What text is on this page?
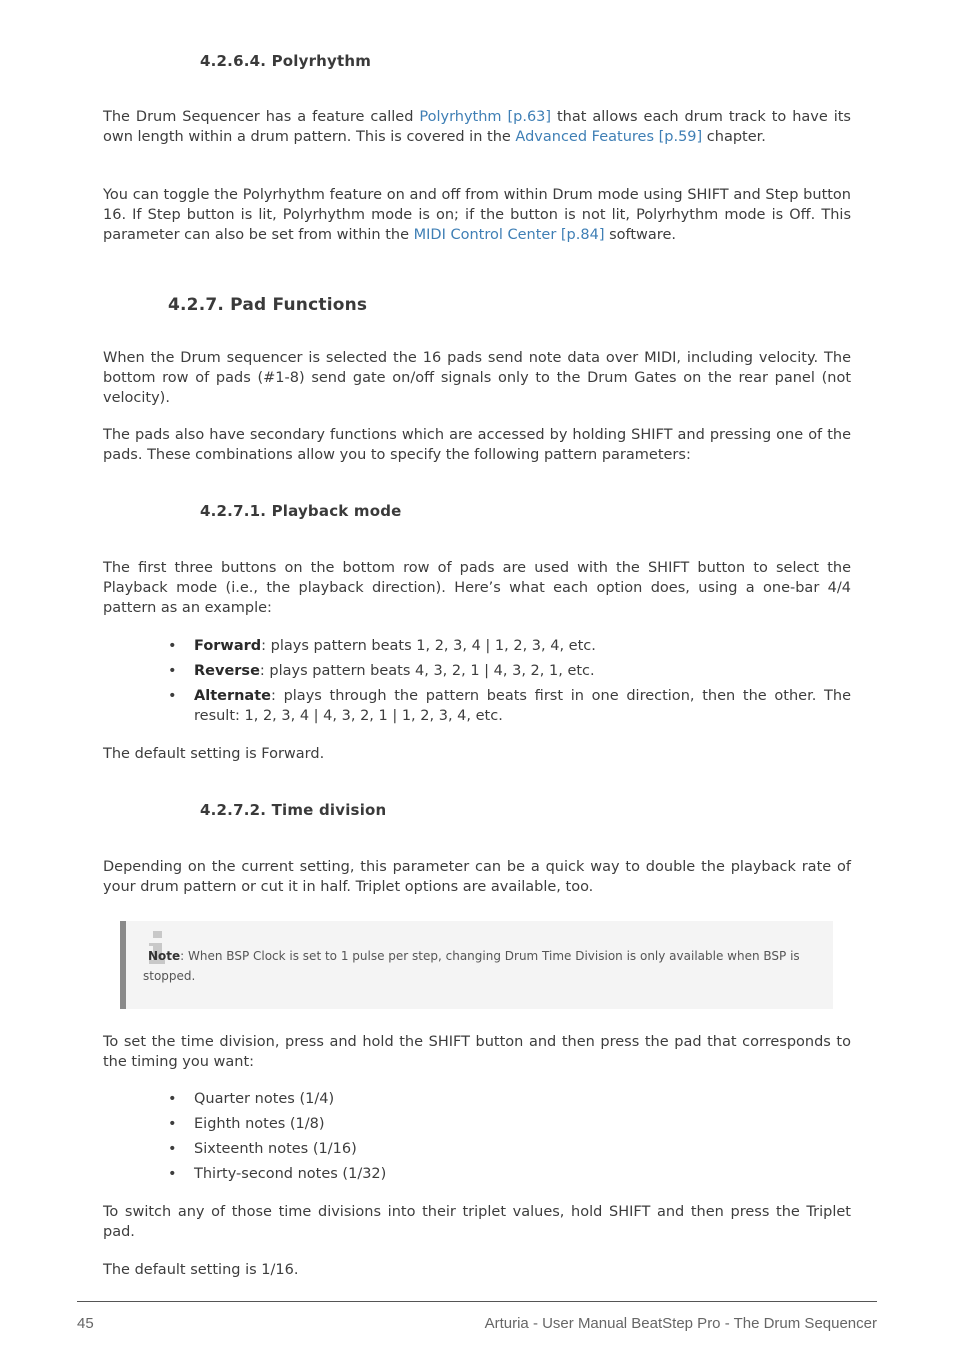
4.2.6.4. Polyrhythm
The Drum Sequencer has a feature called Polyrhythm [p.63] that allows each drum track to have its own length within a drum pattern. This is covered in the Advanced Features [p.59] chapter.
You can toggle the Polyrhythm feature on and off from within Drum mode using SHIFT and Step button 16. If Step button is lit, Polyrhythm mode is on; if the button is not lit, Polyrhythm mode is Off. This parameter can also be set from within the MIDI Control Center [p.84] software.
4.2.7. Pad Functions
When the Drum sequencer is selected the 16 pads send note data over MIDI, including velocity. The bottom row of pads (#1-8) send gate on/off signals only to the Drum Gates on the rear panel (not velocity).
The pads also have secondary functions which are accessed by holding SHIFT and pressing one of the pads. These combinations allow you to specify the following pattern parameters:
4.2.7.1. Playback mode
The first three buttons on the bottom row of pads are used with the SHIFT button to select the Playback mode (i.e., the playback direction). Here’s what each option does, using a one-bar 4/4 pattern as an example:
• Forward: plays pattern beats 1, 2, 3, 4 | 1, 2, 3, 4, etc.
• Reverse: plays pattern beats 4, 3, 2, 1 | 4, 3, 2, 1, etc.
• Alternate: plays through the pattern beats first in one direction, then the other. The result: 1, 2, 3, 4 | 4, 3, 2, 1 | 1, 2, 3, 4, etc.
The default setting is Forward.
4.2.7.2. Time division
Depending on the current setting, this parameter can be a quick way to double the playback rate of your drum pattern or cut it in half. Triplet options are available, too.
Note: When BSP Clock is set to 1 pulse per step, changing Drum Time Division is only available when BSP is stopped.
To set the time division, press and hold the SHIFT button and then press the pad that corresponds to the timing you want:
• Quarter notes (1/4)
• Eighth notes (1/8)
• Sixteenth notes (1/16)
• Thirty-second notes (1/32)
To switch any of those time divisions into their triplet values, hold SHIFT and then press the Triplet pad.
The default setting is 1/16.
45	Arturia - User Manual BeatStep Pro - The Drum Sequencer
